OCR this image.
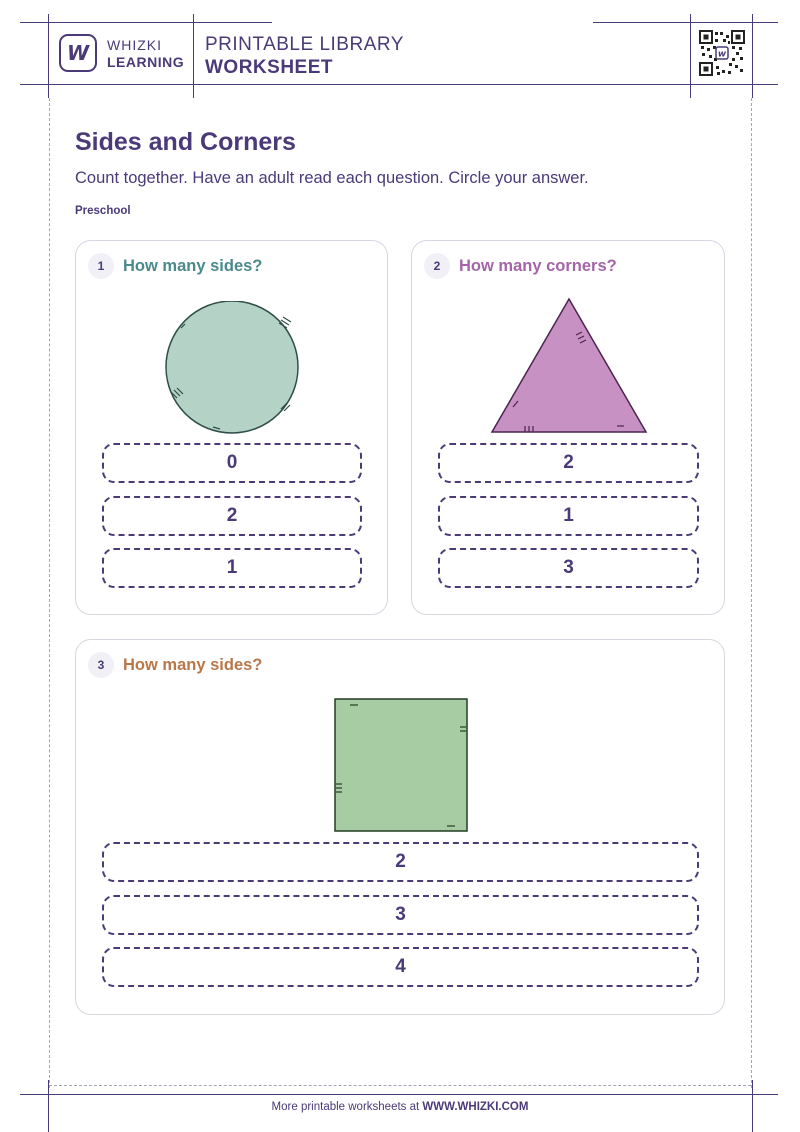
W WHIZKI
LEARNING
PRINTABLE LIBRARY
WORKSHEET
w
Sides and Corners
Count together. Have an adult read each question. Circle your answer.
Preschool
1	How many sides?
0
2
1
2	How many corners?
2
1
3
3	How many sides?
2
3
4
More printable worksheets at WWW.WHIZKI.COM
